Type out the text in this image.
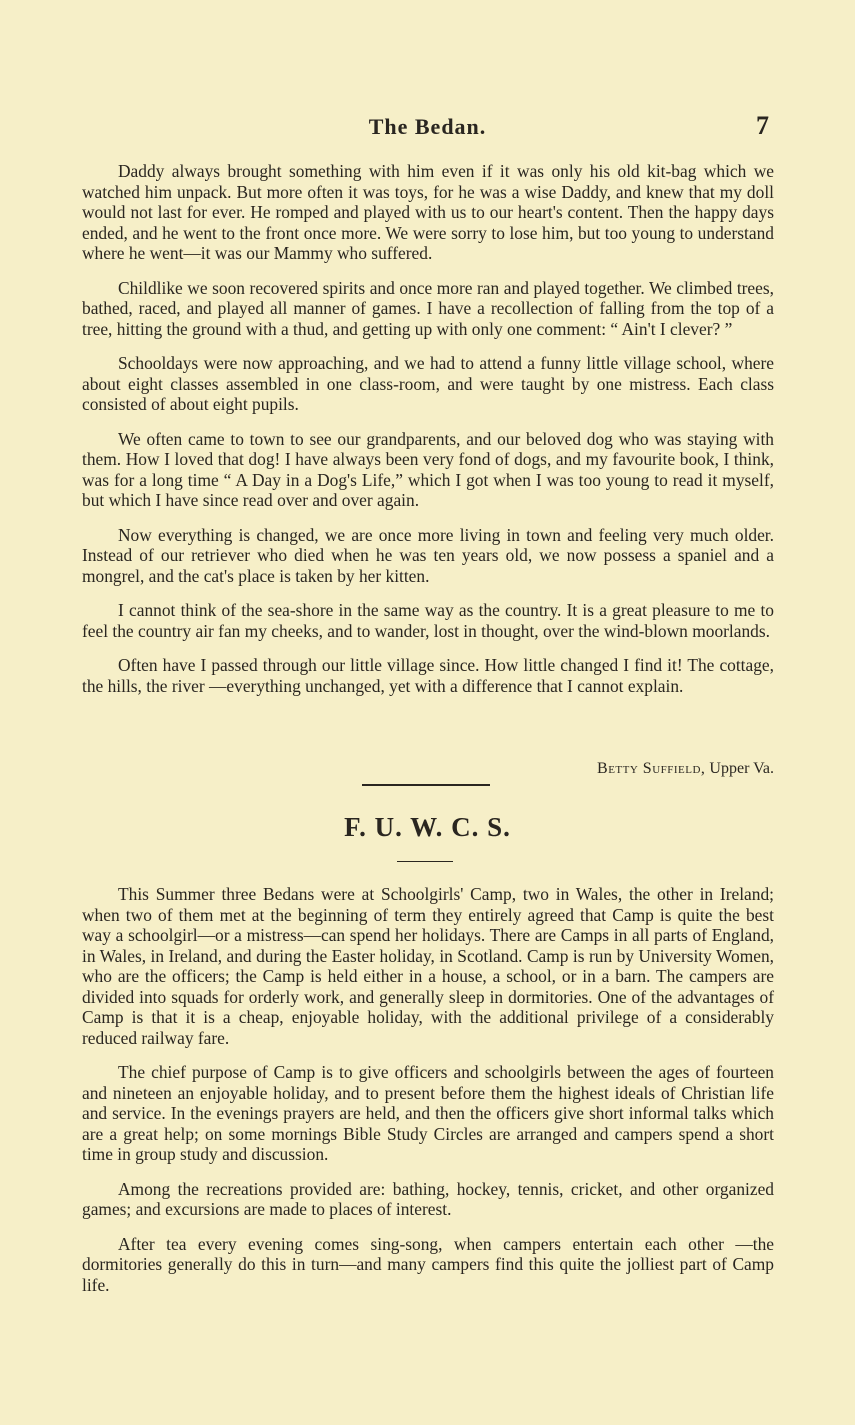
The Bedan.	7

Daddy always brought something with him even if it was only his old kit-bag which we watched him unpack. But more often it was toys, for he was a wise Daddy, and knew that my doll would not last for ever. He romped and played with us to our heart's content. Then the happy days ended, and he went to the front once more. We were sorry to lose him, but too young to understand where he went—it was our Mammy who suffered.

Childlike we soon recovered spirits and once more ran and played together. We climbed trees, bathed, raced, and played all manner of games. I have a recollection of falling from the top of a tree, hitting the ground with a thud, and getting up with only one comment: “ Ain't I clever? ”

Schooldays were now approaching, and we had to attend a funny little village school, where about eight classes assembled in one class-room, and were taught by one mistress. Each class consisted of about eight pupils.

We often came to town to see our grandparents, and our beloved dog who was staying with them. How I loved that dog! I have always been very fond of dogs, and my favourite book, I think, was for a long time “ A Day in a Dog's Life,” which I got when I was too young to read it myself, but which I have since read over and over again.

Now everything is changed, we are once more living in town and feeling very much older. Instead of our retriever who died when he was ten years old, we now possess a spaniel and a mongrel, and the cat's place is taken by her kitten.

I cannot think of the sea-shore in the same way as the country. It is a great pleasure to me to feel the country air fan my cheeks, and to wander, lost in thought, over the wind-blown moorlands.

Often have I passed through our little village since. How little changed I find it! The cottage, the hills, the river —everything unchanged, yet with a difference that I cannot explain.

Betty Suffield, Upper Va.
F. U. W. C. S.

This Summer three Bedans were at Schoolgirls' Camp, two in Wales, the other in Ireland; when two of them met at the beginning of term they entirely agreed that Camp is quite the best way a schoolgirl—or a mistress—can spend her holidays. There are Camps in all parts of England, in Wales, in Ireland, and during the Easter holiday, in Scotland. Camp is run by University Women, who are the officers; the Camp is held either in a house, a school, or in a barn. The campers are divided into squads for orderly work, and generally sleep in dormitories. One of the advantages of Camp is that it is a cheap, enjoyable holiday, with the additional privilege of a considerably reduced railway fare.

The chief purpose of Camp is to give officers and schoolgirls between the ages of fourteen and nineteen an enjoyable holiday, and to present before them the highest ideals of Christian life and service. In the evenings prayers are held, and then the officers give short informal talks which are a great help; on some mornings Bible Study Circles are arranged and campers spend a short time in group study and discussion.

Among the recreations provided are: bathing, hockey, tennis, cricket, and other organized games; and excursions are made to places of interest.

After tea every evening comes sing-song, when campers entertain each other —the dormitories generally do this in turn—and many campers find this quite the jolliest part of Camp life.
